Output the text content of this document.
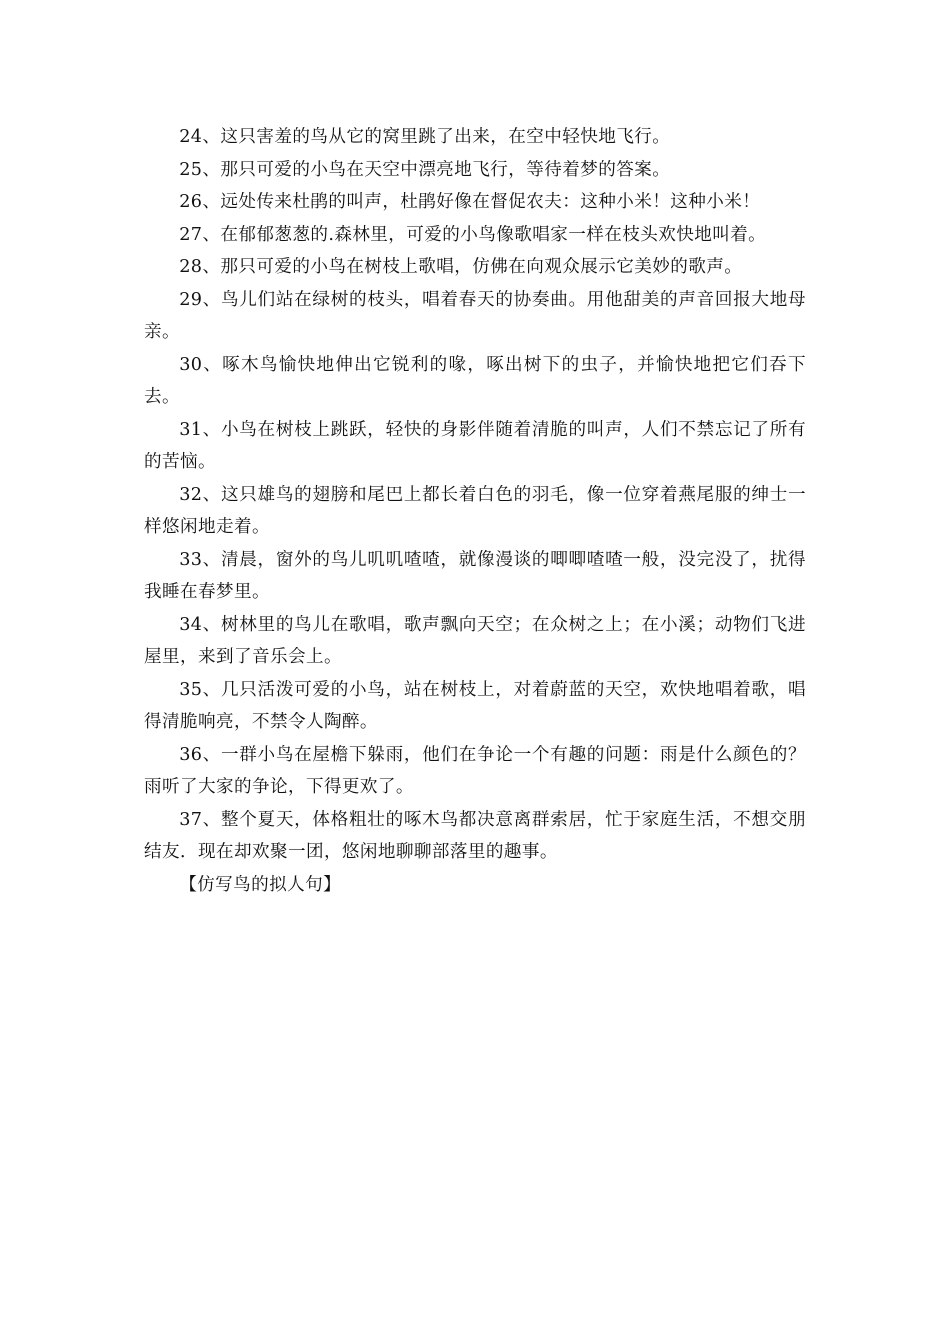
24、这只害羞的鸟从它的窝里跳了出来，在空中轻快地飞行。

25、那只可爱的小鸟在天空中漂亮地飞行，等待着梦的答案。

26、远处传来杜鹃的叫声，杜鹃好像在督促农夫：这种小米！这种小米！

27、在郁郁葱葱的.森林里，可爱的小鸟像歌唱家一样在枝头欢快地叫着。

28、那只可爱的小鸟在树枝上歌唱，仿佛在向观众展示它美妙的歌声。

29、鸟儿们站在绿树的枝头，唱着春天的协奏曲。用他甜美的声音回报大地母亲。

30、啄木鸟愉快地伸出它锐利的喙，啄出树下的虫子，并愉快地把它们吞下去。

31、小鸟在树枝上跳跃，轻快的身影伴随着清脆的叫声，人们不禁忘记了所有的苦恼。

32、这只雄鸟的翅膀和尾巴上都长着白色的羽毛，像一位穿着燕尾服的绅士一样悠闲地走着。

33、清晨，窗外的鸟儿叽叽喳喳，就像漫谈的唧唧喳喳一般，没完没了，扰得我睡在春梦里。

34、树林里的鸟儿在歌唱，歌声飘向天空；在众树之上；在小溪；动物们飞进屋里，来到了音乐会上。

35、几只活泼可爱的小鸟，站在树枝上，对着蔚蓝的天空，欢快地唱着歌，唱得清脆响亮，不禁令人陶醉。

36、一群小鸟在屋檐下躲雨，他们在争论一个有趣的问题：雨是什么颜色的？雨听了大家的争论，下得更欢了。

37、整个夏天，体格粗壮的啄木鸟都决意离群索居，忙于家庭生活，不想交朋结友．现在却欢聚一团，悠闲地聊聊部落里的趣事。

【仿写鸟的拟人句】
